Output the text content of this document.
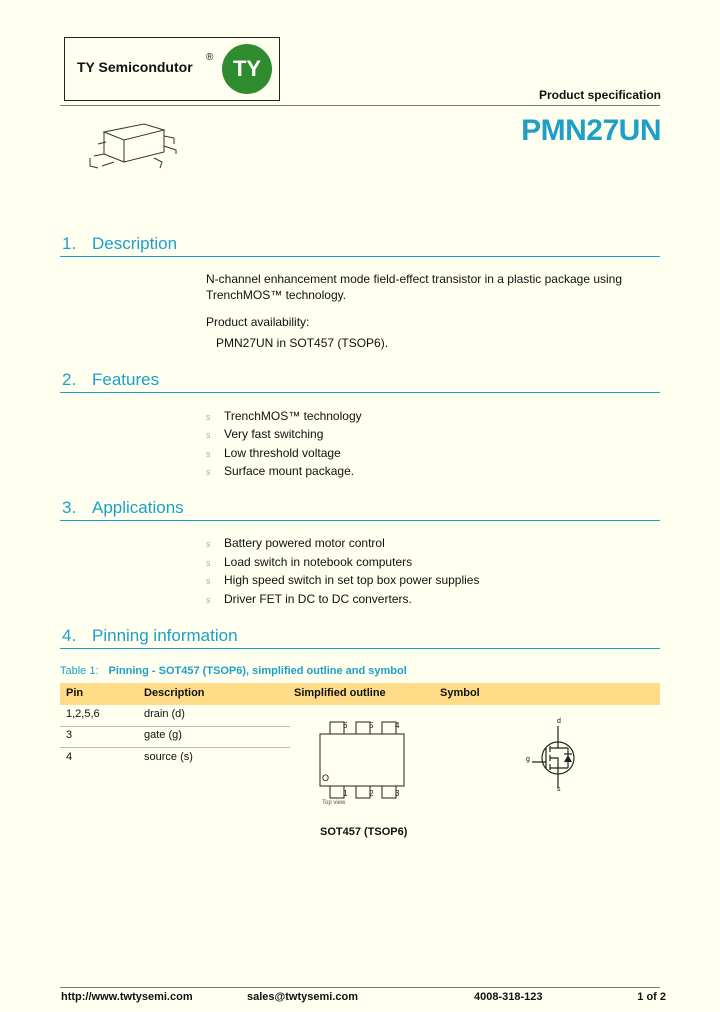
TY Semicondutor
® TY
Product specification
PMN27UN
1. Description
N-channel enhancement mode field-effect transistor in a plastic package using TrenchMOS™ technology.
Product availability:
PMN27UN in SOT457 (TSOP6).
2. Features
s TrenchMOS™ technology
s Very fast switching
s Low threshold voltage
s Surface mount package.
3. Applications
s Battery powered motor control
s Load switch in notebook computers
s High speed switch in set top box power supplies
s Driver FET in DC to DC converters.
4. Pinning information
Table 1: Pinning - SOT457 (TSOP6), simplified outline and symbol
Pin	Description	Simplified outline	Symbol
1,2,5,6	drain (d)
3	gate (g)
4	source (s)
6	5	4
1	2	3
O
Top view
SOT457 (TSOP6)
d
g
s
http://www.twtysemi.com	sales@twtysemi.com	4008-318-123	1 of 2
